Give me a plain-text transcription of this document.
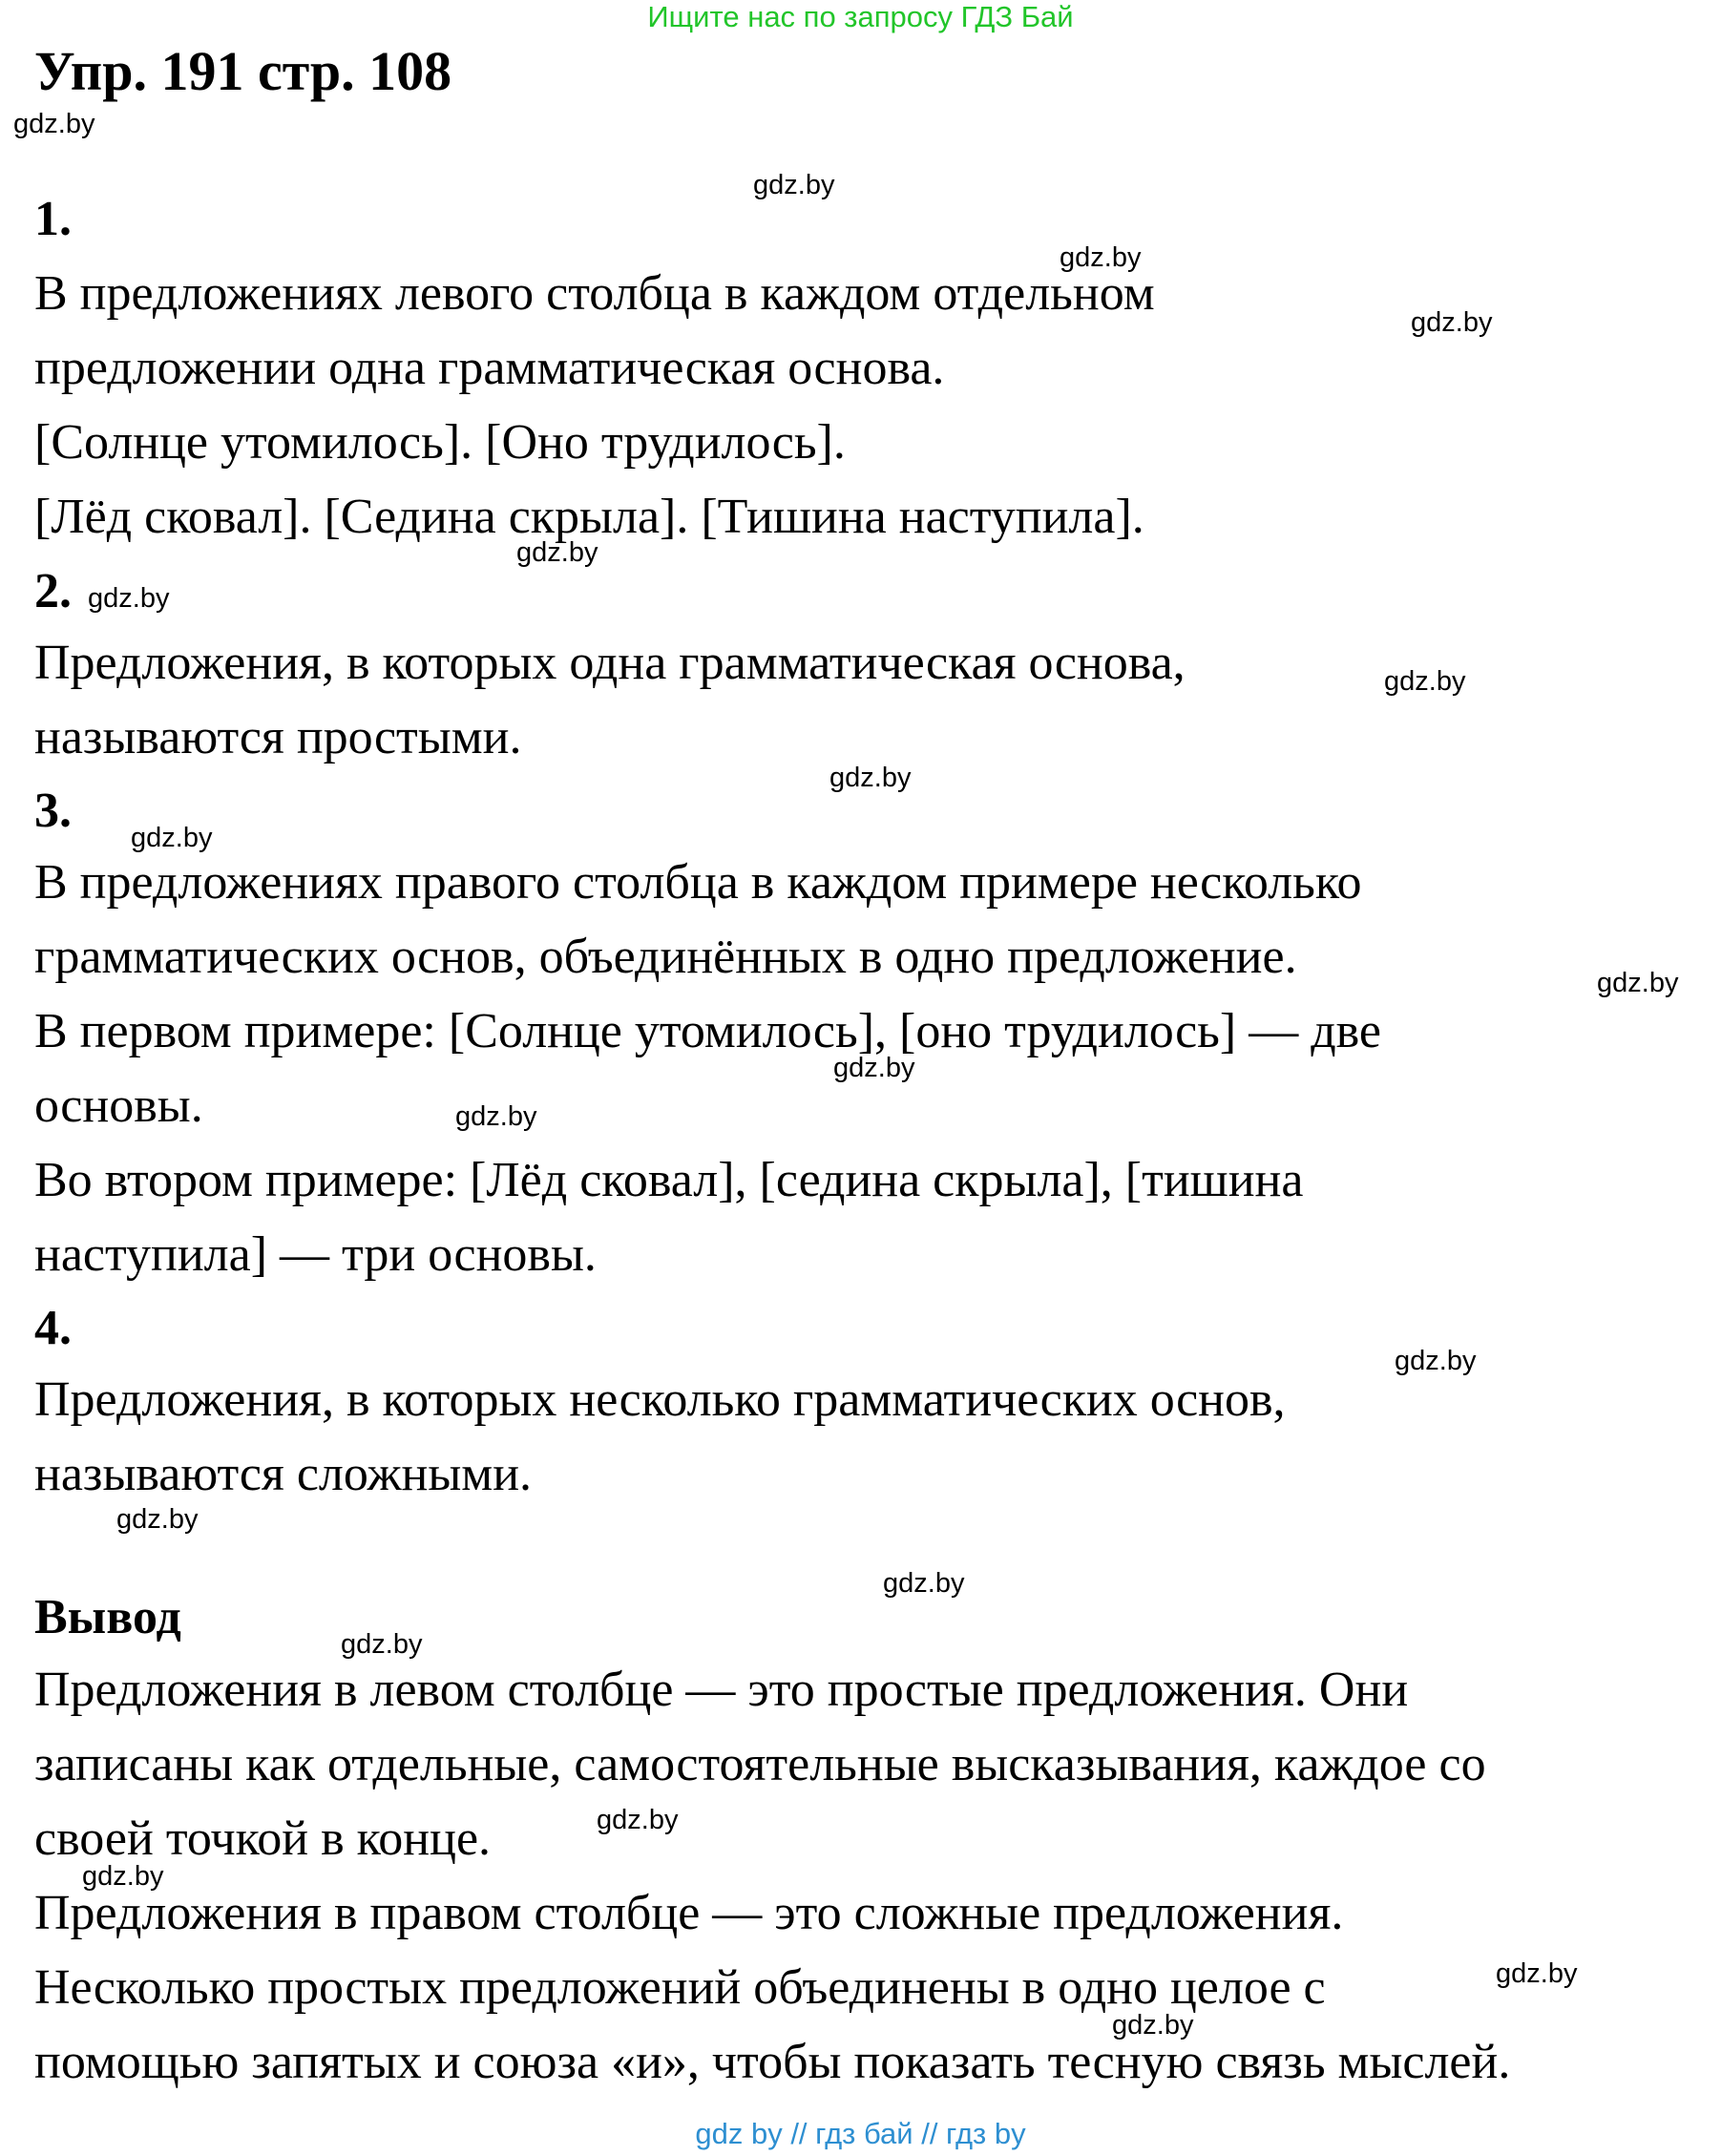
Ищите нас по запросу ГДЗ Бай
Упр. 191 стр. 108
1.

В предложениях левого столбца в каждом отдельном

предложении одна грамматическая основа.

[Солнце утомилось]. [Оно трудилось].

[Лёд сковал]. [Седина скрыла]. [Тишина наступила].

2.

Предложения, в которых одна грамматическая основа,

называются простыми.

3.

В предложениях правого столбца в каждом примере несколько

грамматических основ, объединённых в одно предложение.

В первом примере: [Солнце утомилось], [оно трудилось] — две

основы.

Во втором примере: [Лёд сковал], [седина скрыла], [тишина

наступила] — три основы.

4.

Предложения, в которых несколько грамматических основ,

называются сложными.

Вывод

Предложения в левом столбце — это простые предложения. Они

записаны как отдельные, самостоятельные высказывания, каждое со

своей точкой в конце.

Предложения в правом столбце — это сложные предложения.

Несколько простых предложений объединены в одно целое с

помощью запятых и союза «и», чтобы показать тесную связь мыслей.

gdz.by
gdz.by
gdz.by
gdz.by
gdz.by
gdz.by
gdz.by
gdz.by
gdz.by
gdz.by
gdz.by
gdz.by
gdz.by
gdz.by
gdz.by
gdz.by
gdz.by
gdz.by
gdz.by
gdz.by
gdz by // гдз бай // гдз by
